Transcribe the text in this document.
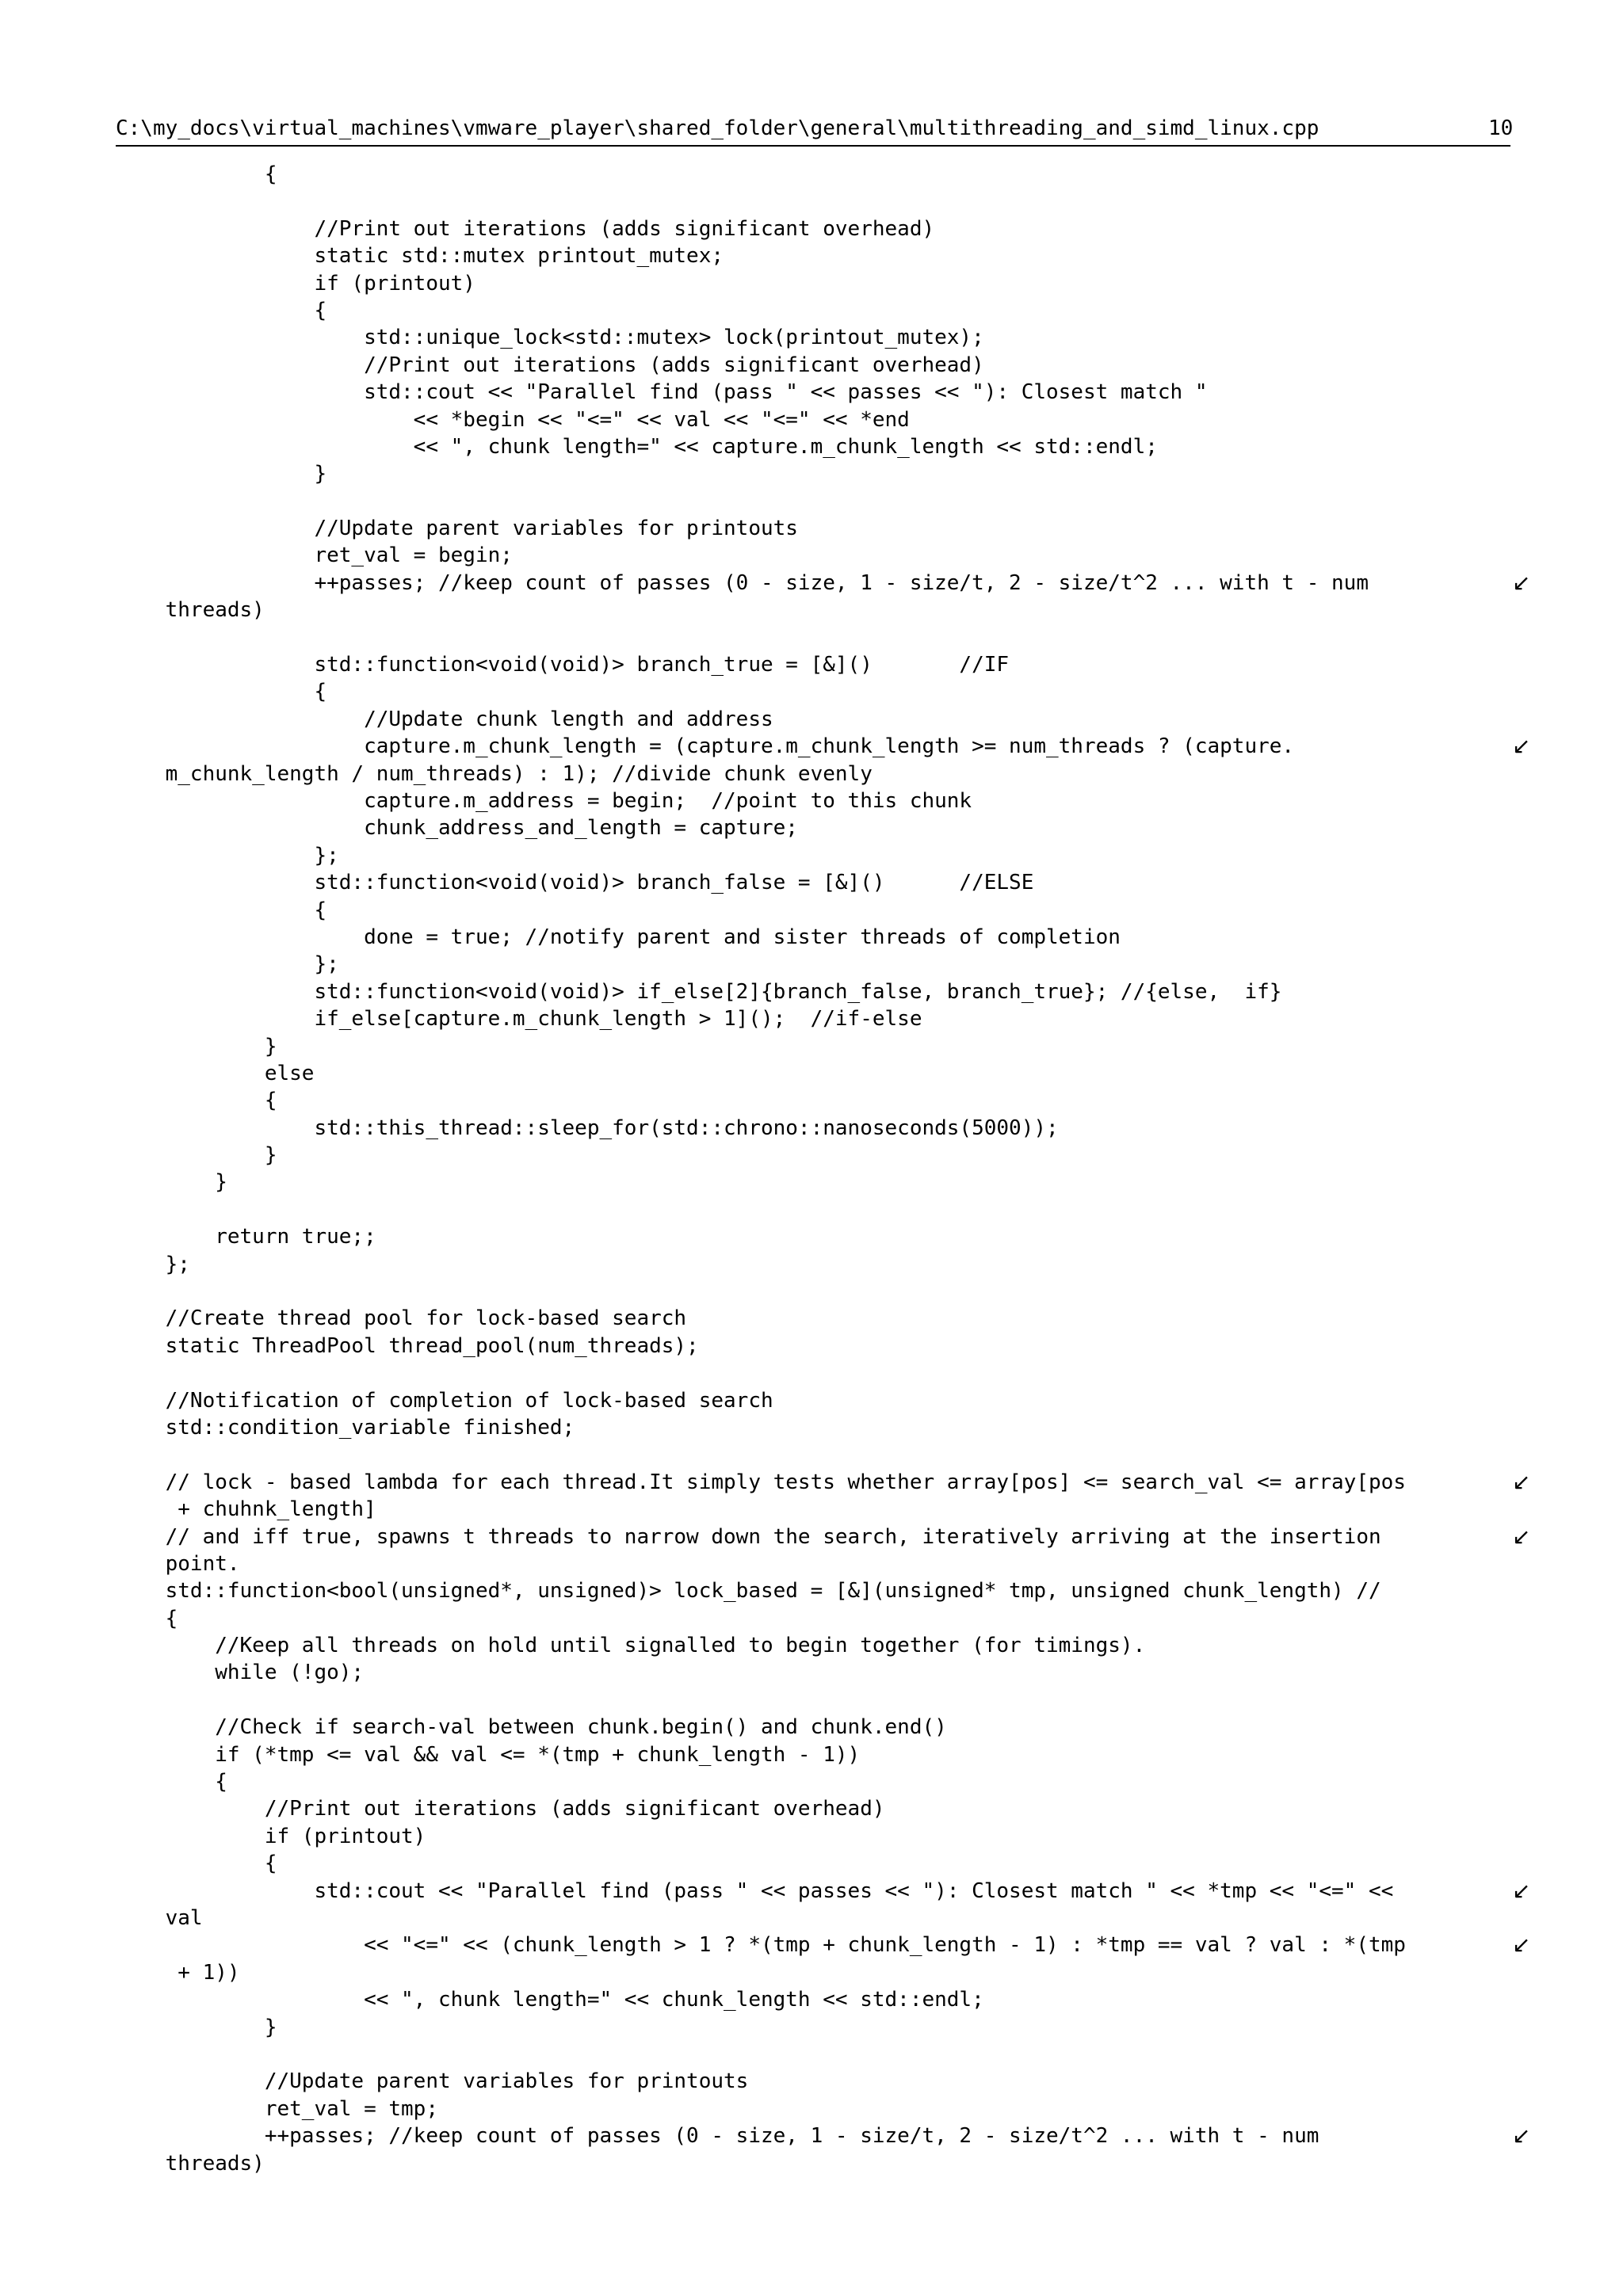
C:\my_docs\virtual_machines\vmware_player\shared_folder\general\multithreading_and_simd_linux.cpp	10
{
//Print out iterations (adds significant overhead)
static std::mutex printout_mutex;
if (printout)
{
std::unique_lock<std::mutex> lock(printout_mutex);
//Print out iterations (adds significant overhead)
std::cout << "Parallel find (pass " << passes << "): Closest match "
<< *begin << "<=" << val << "<=" << *end
<< ", chunk length=" << capture.m_chunk_length << std::endl;
}
//Update parent variables for printouts
ret_val = begin;
++passes; //keep count of passes (0 - size, 1 - size/t, 2 - size/t^2 ... with t - num	↙
threads)
std::function<void(void)> branch_true = [&]()       //IF
{
//Update chunk length and address
capture.m_chunk_length = (capture.m_chunk_length >= num_threads ? (capture.	↙
m_chunk_length / num_threads) : 1); //divide chunk evenly
capture.m_address = begin;  //point to this chunk
chunk_address_and_length = capture;
};
std::function<void(void)> branch_false = [&]()      //ELSE
{
done = true; //notify parent and sister threads of completion
};
std::function<void(void)> if_else[2]{branch_false, branch_true}; //{else,  if}
if_else[capture.m_chunk_length > 1]();  //if-else
}
else
{
std::this_thread::sleep_for(std::chrono::nanoseconds(5000));
}
}
return true;;
};
//Create thread pool for lock-based search
static ThreadPool thread_pool(num_threads);
//Notification of completion of lock-based search
std::condition_variable finished;
// lock - based lambda for each thread.It simply tests whether array[pos] <= search_val <= array[pos	↙
+ chuhnk_length]
// and iff true, spawns t threads to narrow down the search, iteratively arriving at the insertion	↙
point.
std::function<bool(unsigned*, unsigned)> lock_based = [&](unsigned* tmp, unsigned chunk_length) //
{
//Keep all threads on hold until signalled to begin together (for timings).
while (!go);
//Check if search-val between chunk.begin() and chunk.end()
if (*tmp <= val && val <= *(tmp + chunk_length - 1))
{
//Print out iterations (adds significant overhead)
if (printout)
{
std::cout << "Parallel find (pass " << passes << "): Closest match " << *tmp << "<=" <<	↙
val
<< "<=" << (chunk_length > 1 ? *(tmp + chunk_length - 1) : *tmp == val ? val : *(tmp	↙
+ 1))
<< ", chunk length=" << chunk_length << std::endl;
}
//Update parent variables for printouts
ret_val = tmp;
++passes; //keep count of passes (0 - size, 1 - size/t, 2 - size/t^2 ... with t - num	↙
threads)
